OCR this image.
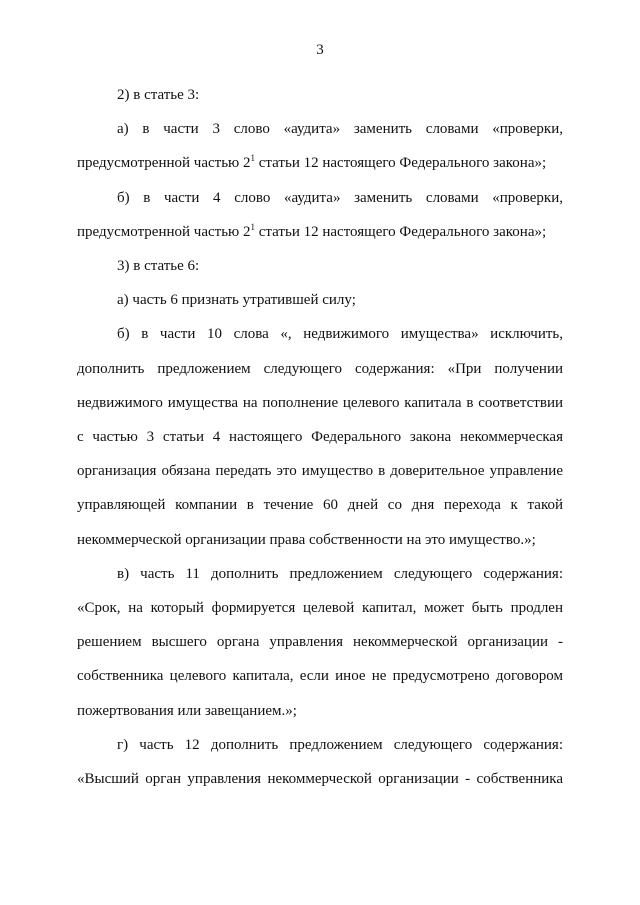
3
2) в статье 3:
а) в части 3 слово «аудита» заменить словами «проверки,
предусмотренной частью $2^1$ статьи 12 настоящего Федерального закона»;
б) в части 4 слово «аудита» заменить словами «проверки,
предусмотренной частью $2^1$ статьи 12 настоящего Федерального закона»;
3) в статье 6:
а) часть 6 признать утратившей силу;
б) в части 10 слова «, недвижимого имущества» исключить,
дополнить предложением следующего содержания: «При получении
недвижимого имущества на пополнение целевого капитала в соответствии
с частью 3 статьи 4 настоящего Федерального закона некоммерческая
организация обязана передать это имущество в доверительное управление
управляющей компании в течение 60 дней со дня перехода к такой
некоммерческой организации права собственности на это имущество.»;
в) часть 11 дополнить предложением следующего содержания:
«Срок, на который формируется целевой капитал, может быть продлен
решением высшего органа управления некоммерческой организации -
собственника целевого капитала, если иное не предусмотрено договором
пожертвования или завещанием.»;
г) часть 12 дополнить предложением следующего содержания:
«Высший орган управления некоммерческой организации - собственника
